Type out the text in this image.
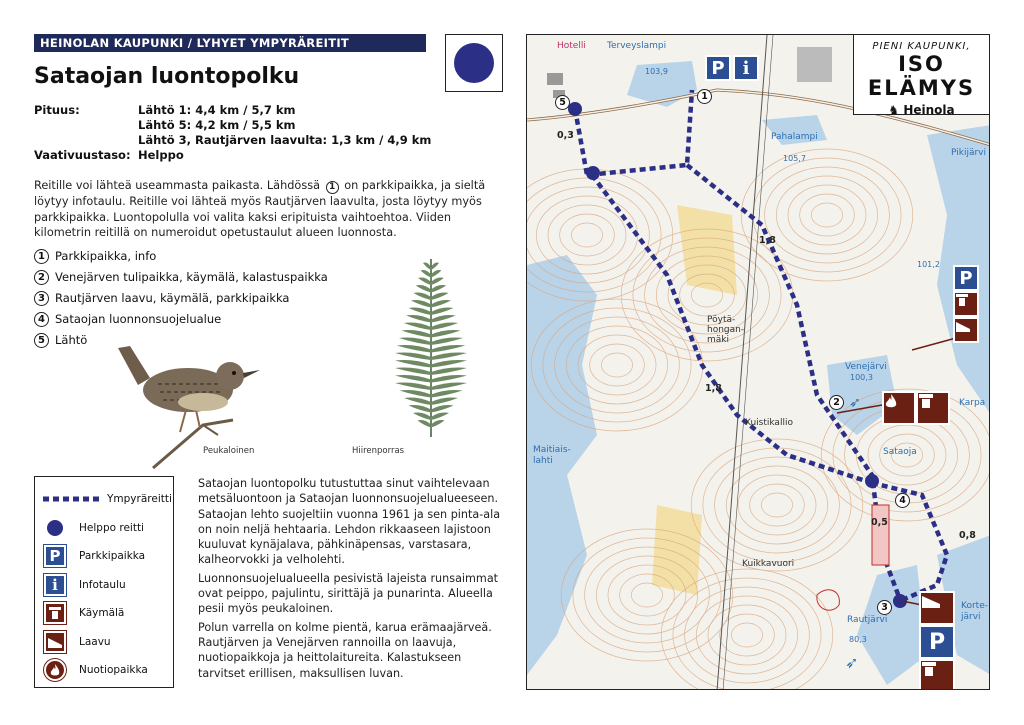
HEINOLAN KAUPUNKI / LYHYET YMPYRÄREITIT
Sataojan luontopolku
Pituus:	Lähtö 1: 4,4 km / 5,7 km
Lähtö 5: 4,2 km / 5,5 km
Lähtö 3, Rautjärven laavulta: 1,3 km / 4,9 km
Vaativuustaso: Helppo
Reitille voi lähteä useammasta paikasta. Lähdössä 1 on parkkipaikka, ja sieltä löytyy infotaulu. Reitille voi lähteä myös Rautjärven laavulta, josta löytyy myös parkkipaikka. Luontopolulla voi valita kaksi eripituista vaihtoehtoa. Viiden kilometrin reitillä on numeroidut opetustaulut alueen luonnosta.
1 Parkkipaikka, info
2 Venejärven tulipaikka, käymälä, kalastuspaikka
3 Rautjärven laavu, käymälä, parkkipaikka
4 Sataojan luonnonsuojelualue
5 Lähtö
Peukaloinen	Hiirenporras
Ympyräreitti
Helppo reitti
P	Parkkipaikka
i	Infotaulu
Käymälä
Laavu
Nuotiopaikka

Sataojan luontopolku tutustuttaa sinut vaihtelevaan metsäluontoon ja Sataojan luonnonsuojelualueeseen. Sataojan lehto suojeltiin vuonna 1961 ja sen pinta-ala on noin neljä hehtaaria. Lehdon rikkaaseen lajistoon kuuluvat kynäjalava, pähkinäpensas, varstasara, kalheorvokki ja velholehti.

Luonnonsuojelualueella pesivistä lajeista runsaimmat ovat peippo, pajulintu, sirittäjä ja punarinta. Alueella pesii myös peukaloinen.

Polun varrella on kolme pientä, karua erämaajärveä. Rautjärven ja Venejärven rannoilla on laavuja, nuotiopaikkoja ja heittolaitureita. Kalastukseen tarvitset erillisen, maksullisen luvan.

PIENI KAUPUNKI,
ISO ELÄMYS
♞ Heinola
P i
P
P
➶
➶
1
2
3
4
5
Hotelli Terveyslampi
103,9
Pahalampi
105,7
Pikijärvi
101,2
Pöytä-
hongan-
mäki
Venejärvi
100,3
Karpa
Kuistikallio
Maitiais-
lahti
Sataoja
Kuikkavuori
Rautjärvi
80,3
Korte-
järvi
0,3
1,8
1,8
0,5
0,8
